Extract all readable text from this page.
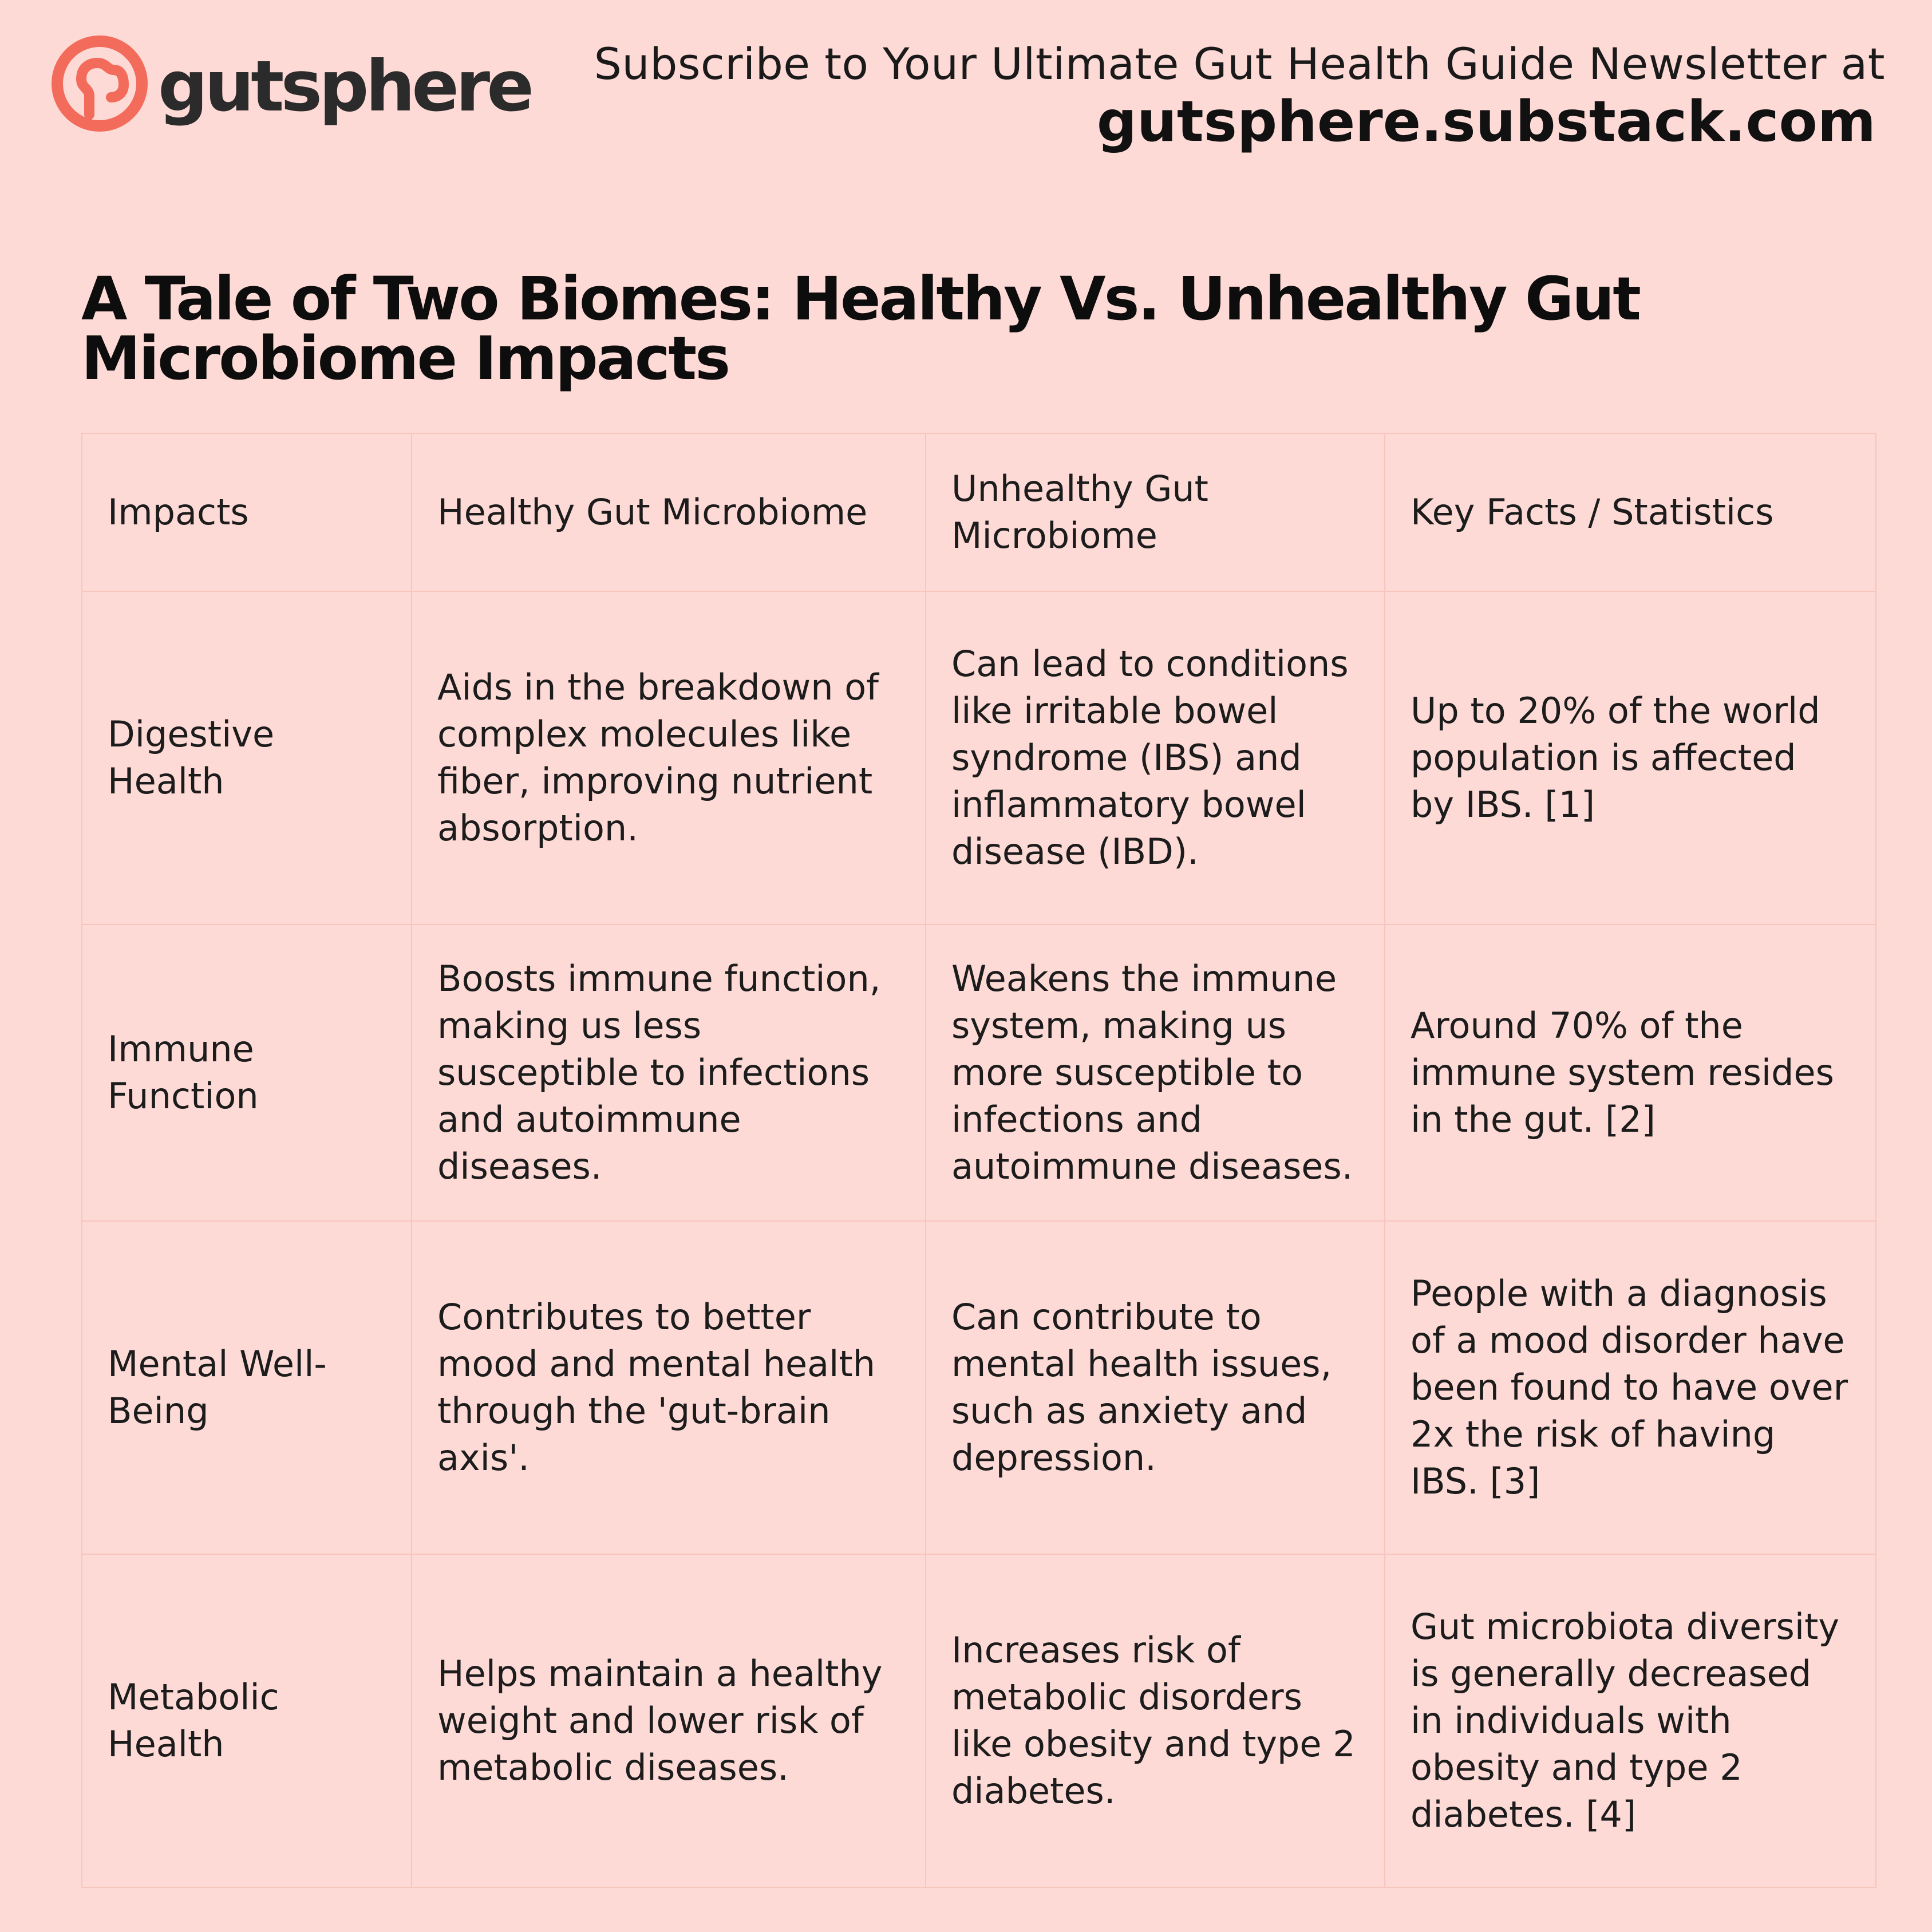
gutsphere Subscribe to Your Ultimate Gut Health Guide Newsletter at
gutsphere.substack.com
A Tale of Two Biomes: Healthy Vs. Unhealthy Gut Microbiome Impacts
Impacts	Healthy Gut Microbiome	Unhealthy Gut Microbiome	Key Facts / Statistics
Digestive Health	Aids in the breakdown of complex molecules like fiber, improving nutrient absorption.	Can lead to conditions like irritable bowel syndrome (IBS) and inflammatory bowel disease (IBD).	Up to 20% of the world population is affected by IBS. [1]
Immune Function	Boosts immune function, making us less susceptible to infections and autoimmune diseases.	Weakens the immune system, making us more susceptible to infections and autoimmune diseases.	Around 70% of the immune system resides in the gut. [2]
Mental Well-Being	Contributes to better mood and mental health through the 'gut-brain axis'.	Can contribute to mental health issues, such as anxiety and depression.	People with a diagnosis of a mood disorder have been found to have over 2x the risk of having IBS. [3]
Metabolic Health	Helps maintain a healthy weight and lower risk of metabolic diseases.	Increases risk of metabolic disorders like obesity and type 2 diabetes.	Gut microbiota diversity is generally decreased in individuals with obesity and type 2 diabetes. [4]
